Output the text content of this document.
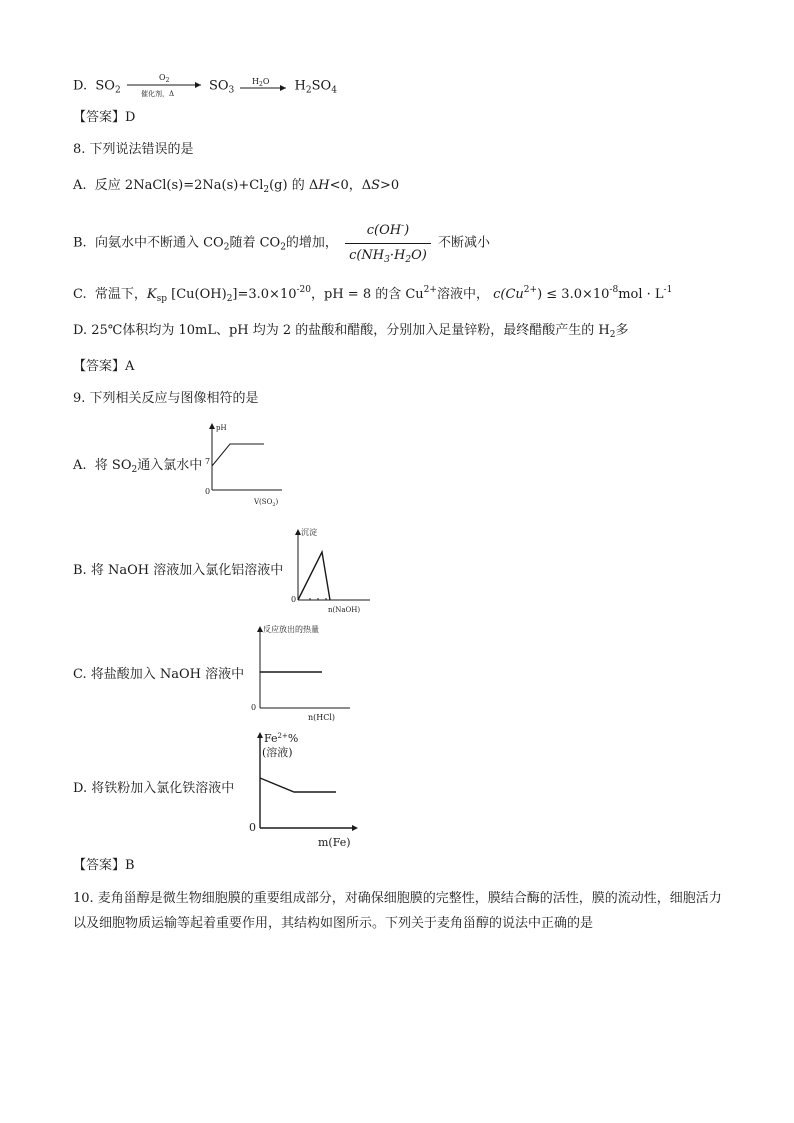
D. $SO_2$
$O_2$
催化剂，Δ
$SO_3$
$H_2O$ $H_2SO_4$
【答案】D
8. 下列说法错误的是
A. 反应 $2NaCl(s)=2Na(s)+Cl_2(g)$ 的 ΔH<0，ΔS>0
B. 向氨水中不断通入 $CO_2$随着 $CO_2$的增加， $\frac{c(OH^-)}{c(NH_3\cdot H_2O)}$ 不断减小
C. 常温下，$K_{sp}$ $[Cu(OH)_2]=3.0\times 10^{-20}$，pH = 8 的含 $Cu^{2+}$溶液中， $c(Cu^{2+}) \le 3.0\times 10^{-8}mol \cdot L^{-1}$
D. 25℃体积均为 10mL、pH 均为 2 的盐酸和醋酸，分别加入足量锌粉，最终醋酸产生的 $H_2$多
【答案】A
9. 下列相关反应与图像相符的是
A. 将 $SO_2$通入氯水中
pH
7
0
$V(SO_2)$
B. 将 NaOH 溶液加入氯化铝溶液中
沉淀
0
n(NaOH)
C. 将盐酸加入 NaOH 溶液中
反应放出的热量
0
n(HCl)
D. 将铁粉加入氯化铁溶液中
$Fe^{2+}\%$
(溶液)
0
m(Fe)
【答案】B
10. 麦角甾醇是微生物细胞膜的重要组成部分，对确保细胞膜的完整性，膜结合酶的活性，膜的流动性，细胞活力以及细胞物质运输等起着重要作用，其结构如图所示。下列关于麦角甾醇的说法中正确的是
